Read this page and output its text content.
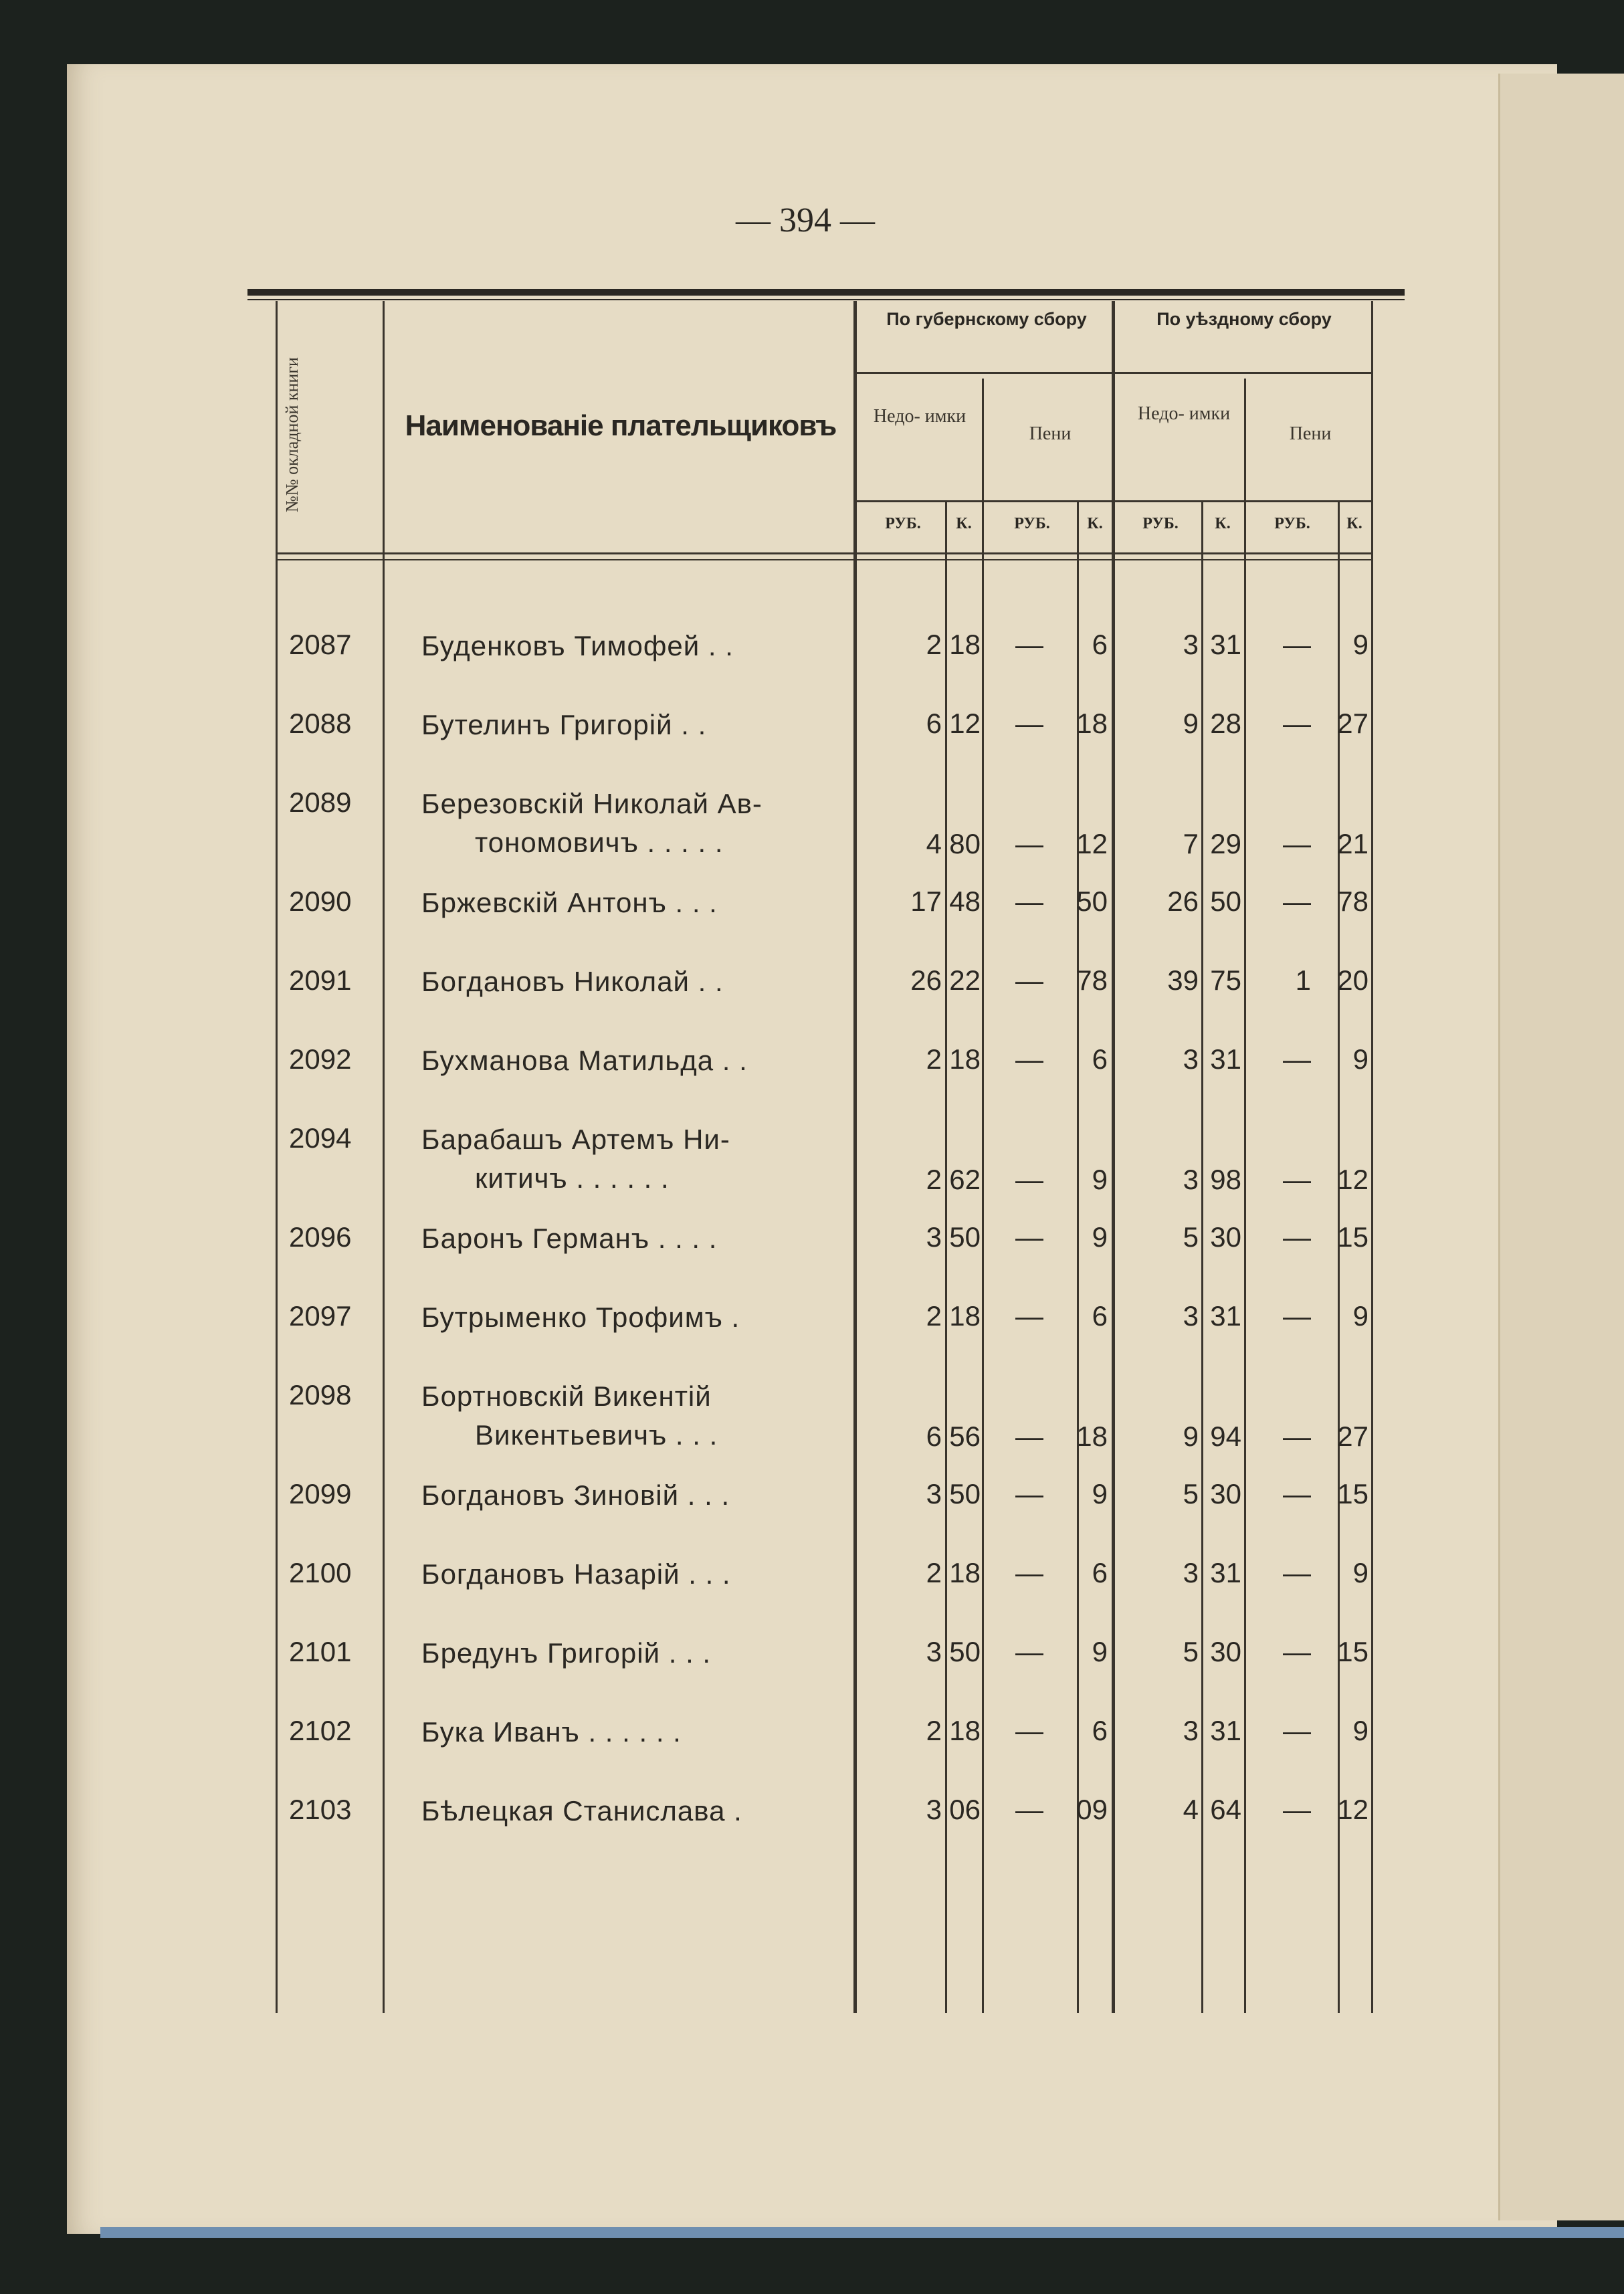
— 394 —
№№ окладной книги	Наименованіе плательщиковъ
По губернскому сбору	По уѣздному сбору
Недо- имки
Пени
Недо- имки
Пени
РУБ.	К.	РУБ.	К.	РУБ.	К.	РУБ.	К.
2087 Буденковъ Тимофей . .	2 18	—	6	3 31	—	9
2088 Бутелинъ Григорій . .	6 12	—	18	9 28	— 27
2089 Березовскій Николай Ав-
тономовичъ . . . . .	4 80	—	12	7 29	— 21
2090 Бржевскій Антонъ . . .	17 48	—	50	26 50	— 78
2091 Богдановъ Николай . .	26 22	—	78	39 75	1 20
2092 Бухманова Матильда . .	2 18	—	6	3 31	—	9
2094 Барабашъ Артемъ Ни-
китичъ . . . . . .	2 62	—	9	3 98	— 12
2096 Баронъ Германъ . . . .	3 50	—	9	5 30	— 15
2097 Бутрыменко Трофимъ .	2 18	—	6	3 31	—	9
2098 Бортновскій Викентій
Викентьевичъ . . .	6 56	—	18	9 94	— 27
2099 Богдановъ Зиновій . . .	3 50	—	9	5 30	— 15
2100 Богдановъ Назарій . . .	2 18	—	6	3 31	—	9
2101 Бредунъ Григорій . . .	3 50	—	9	5 30	— 15
2102 Бука Иванъ . . . . . .	2 18	—	6	3 31	—	9
2103 Бѣлецкая Станислава .	3 06	—	09	4 64	— 12
